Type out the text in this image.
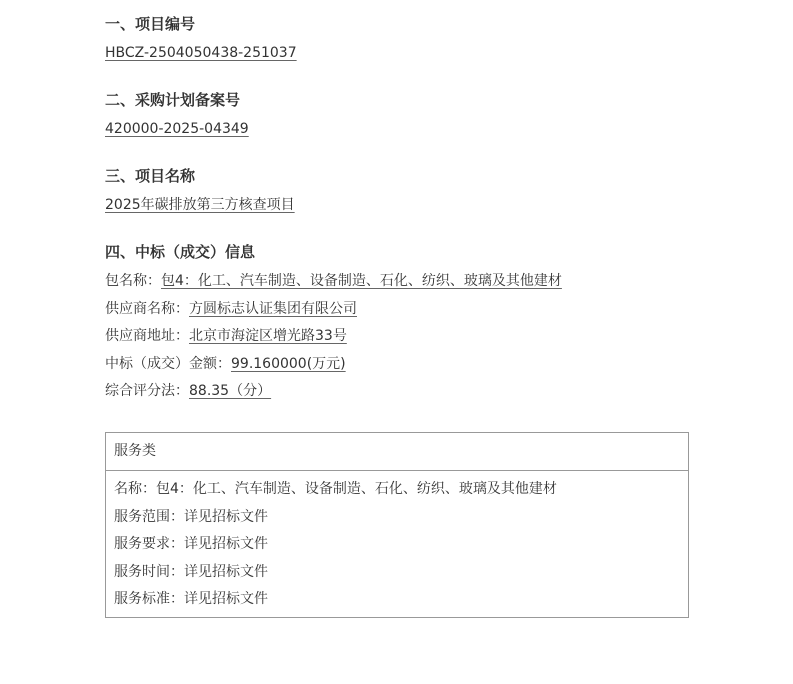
一、项目编号
HBCZ-2504050438-251037
二、采购计划备案号
420000-2025-04349
三、项目名称
2025年碳排放第三方核查项目
四、中标（成交）信息
包名称：包4：化工、汽车制造、设备制造、石化、纺织、玻璃及其他建材
供应商名称：方圆标志认证集团有限公司
供应商地址：北京市海淀区增光路33号
中标（成交）金额：99.160000(万元)
综合评分法：88.35（分）
服务类
名称：包4：化工、汽车制造、设备制造、石化、纺织、玻璃及其他建材
服务范围：详见招标文件
服务要求：详见招标文件
服务时间：详见招标文件
服务标准：详见招标文件
